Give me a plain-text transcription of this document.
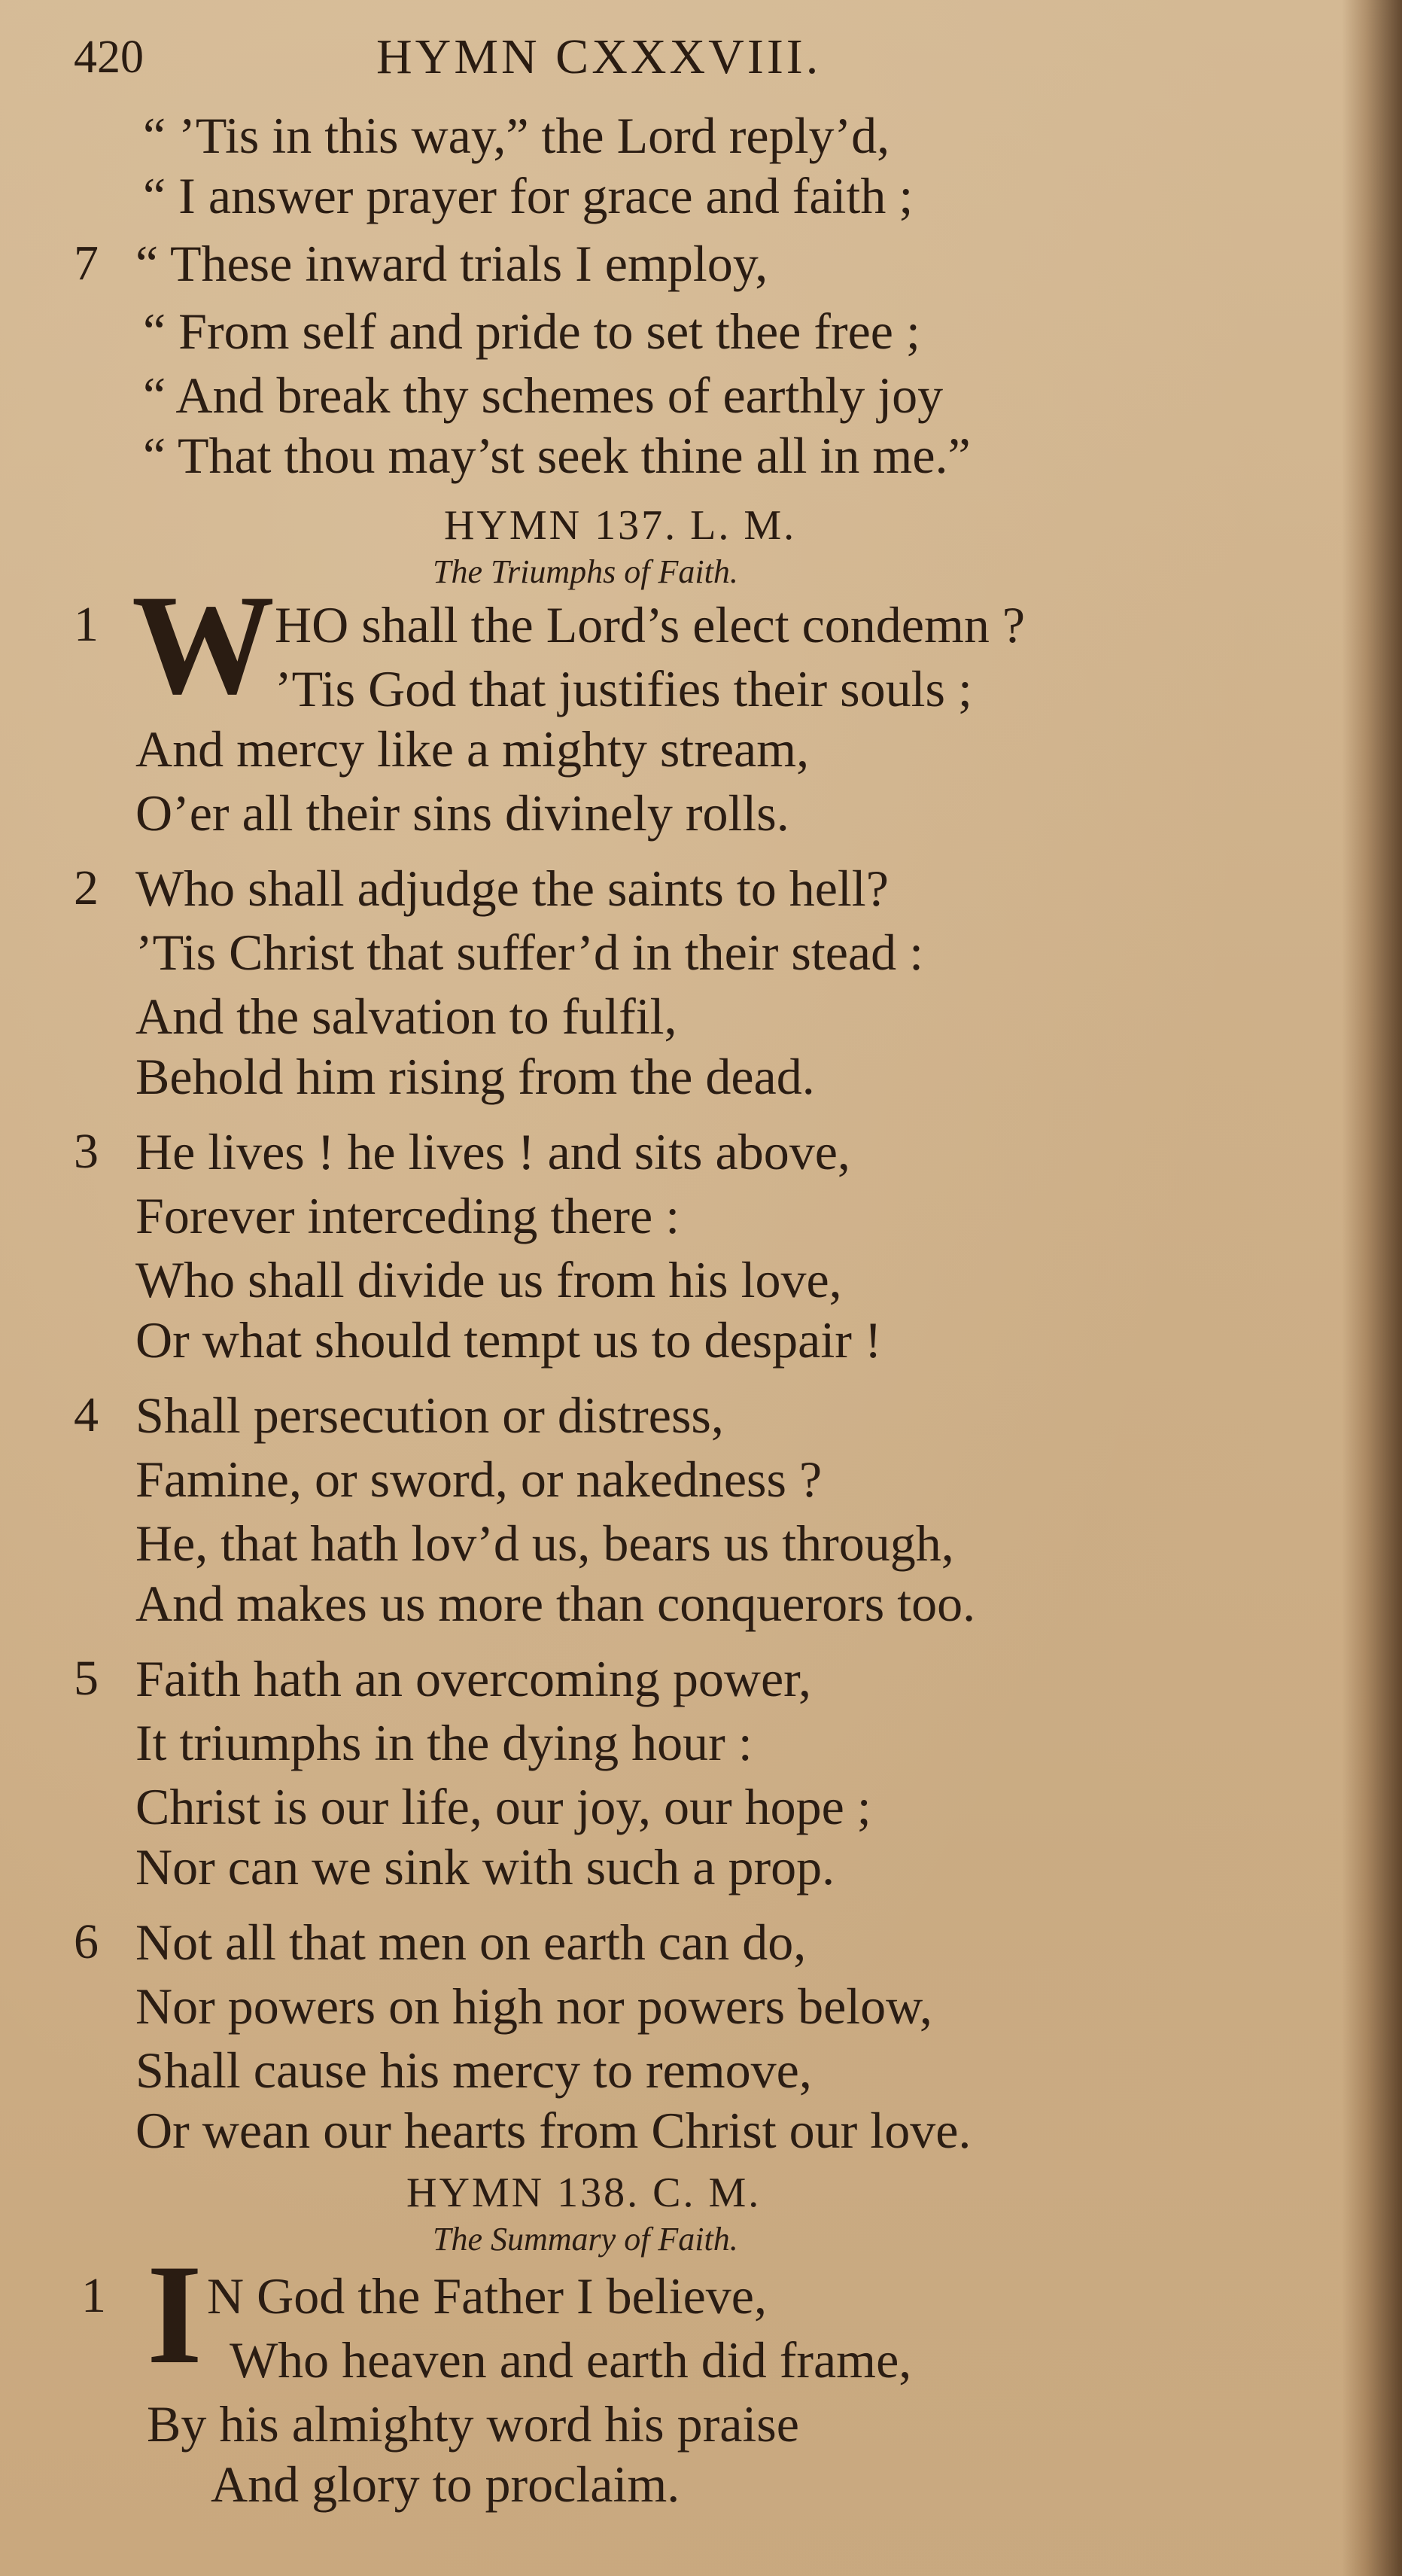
420	HYMN CXXXVIII.
“ ’Tis in this way,” the Lord reply’d,
“ I answer prayer for grace and faith ;
7 “ These inward trials I employ,
“ From self and pride to set thee free ;
“ And break thy schemes of earthly joy
“ That thou may’st seek thine all in me.”
HYMN 137. L. M.
The Triumphs of Faith.
1 W HO shall the Lord’s elect condemn ?
’Tis God that justifies their souls ;
And mercy like a mighty stream,
O’er all their sins divinely rolls.
2 Who shall adjudge the saints to hell?
’Tis Christ that suffer’d in their stead :
And the salvation to fulfil,
Behold him rising from the dead.
3 He lives ! he lives ! and sits above,
Forever interceding there :
Who shall divide us from his love,
Or what should tempt us to despair !
4 Shall persecution or distress,
Famine, or sword, or nakedness ?
He, that hath lov’d us, bears us through,
And makes us more than conquerors too.
5 Faith hath an overcoming power,
It triumphs in the dying hour :
Christ is our life, our joy, our hope ;
Nor can we sink with such a prop.
6 Not all that men on earth can do,
Nor powers on high nor powers below,
Shall cause his mercy to remove,
Or wean our hearts from Christ our love.
HYMN 138. C. M.
The Summary of Faith.
1 I N God the Father I believe,
Who heaven and earth did frame,
By his almighty word his praise
And glory to proclaim.
